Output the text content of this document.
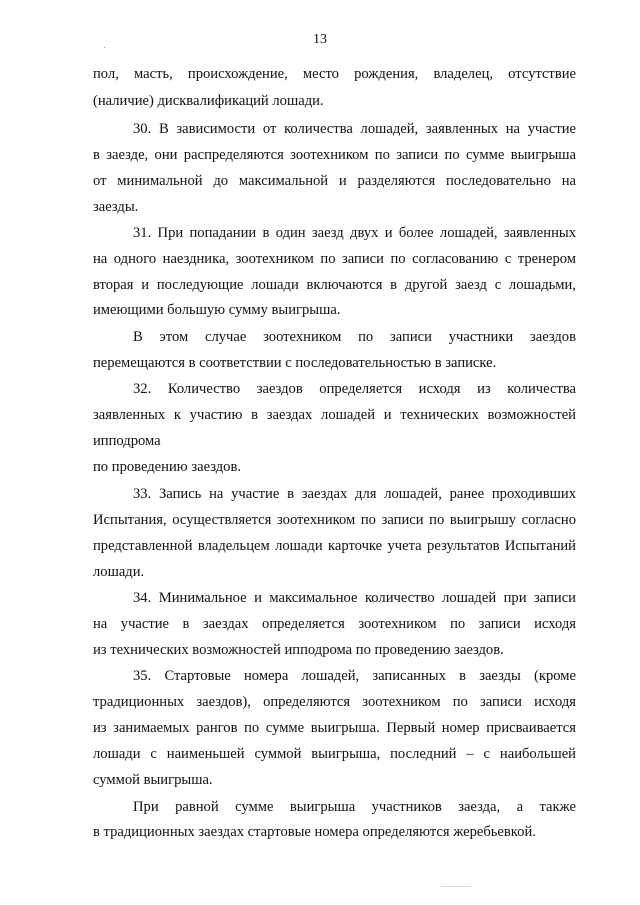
13
пол, масть, происхождение, место рождения, владелец, отсутствие
(наличие) дисквалификаций лошади.
30. В зависимости от количества лошадей, заявленных на участие
в заезде, они распределяются зоотехником по записи по сумме выигрыша
от минимальной до максимальной и разделяются последовательно на
заезды.
31. При попадании в один заезд двух и более лошадей, заявленных
на одного наездника, зоотехником по записи по согласованию с тренером
вторая и последующие лошади включаются в другой заезд с лошадьми,
имеющими большую сумму выигрыша.
В этом случае зоотехником по записи участники заездов
перемещаются в соответствии с последовательностью в записке.
32. Количество заездов определяется исходя из количества
заявленных к участию в заездах лошадей и технических возможностей
ипподрома
по проведению заездов.
33. Запись на участие в заездах для лошадей, ранее проходивших
Испытания, осуществляется зоотехником по записи по выигрышу согласно
представленной владельцем лошади карточке учета результатов Испытаний
лошади.
34. Минимальное и максимальное количество лошадей при записи
на участие в заездах определяется зоотехником по записи исходя
из технических возможностей ипподрома по проведению заездов.
35. Стартовые номера лошадей, записанных в заезды (кроме
традиционных заездов), определяются зоотехником по записи исходя
из занимаемых рангов по сумме выигрыша. Первый номер присваивается
лошади с наименьшей суммой выигрыша, последний – с наибольшей
суммой выигрыша.
При равной сумме выигрыша участников заезда, а также
в традиционных заездах стартовые номера определяются жеребьевкой.
